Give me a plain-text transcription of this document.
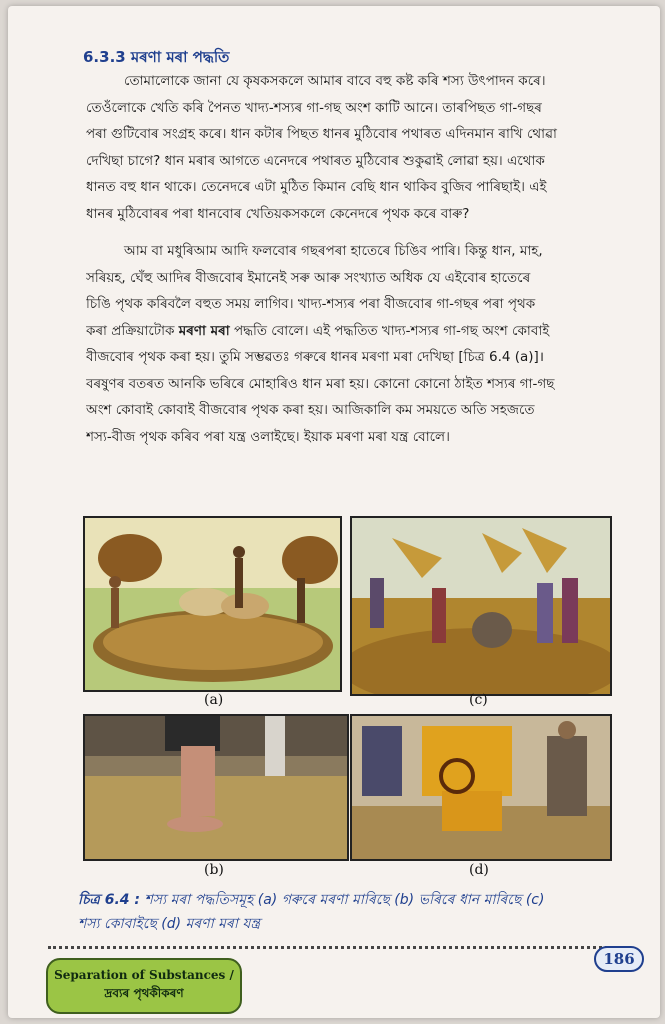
6.3.3 মৰণা মৰা পদ্ধতি
তোমালোকে জানা যে কৃষকসকলে আমাৰ বাবে বহু কষ্ট কৰি শস্য উৎপাদন কৰে।
তেওঁলোকে খেতি কৰি পৈনত খাদ্য-শস্যৰ গা-গছ অংশ কাটি আনে। তাৰপিছত গা-গছৰ
পৰা গুটিবোৰ সংগ্ৰহ কৰে। ধান কটাৰ পিছত ধানৰ মুঠিবোৰ পথাৰত এদিনমান ৰাখি থোৱা
দেখিছা চাগে? ধান মৰাৰ আগতে এনেদৰে পথাৰত মুঠিবোৰ শুকুৱাই লোৱা হয়। এথোক
ধানত বহু ধান থাকে। তেনেদৰে এটা মুঠিত কিমান বেছি ধান থাকিব বুজিব পাৰিছাই। এই
ধানৰ মুঠিবোৰৰ পৰা ধানবোৰ খেতিয়কসকলে কেনেদৰে পৃথক কৰে বাৰু?
আম বা মধুৰিআম আদি ফলবোৰ গছৰপৰা হাতেৰে চিঙিব পাৰি। কিন্তু ধান, মাহ,
সৰিয়হ, ঘেঁহু আদিৰ বীজবোৰ ইমানেই সৰু আৰু সংখ্যাত অধিক যে এইবোৰ হাতেৰে
চিঙি পৃথক কৰিবলৈ বহুত সময় লাগিব। খাদ্য-শস্যৰ পৰা বীজবোৰ গা-গছৰ পৰা পৃথক
কৰা প্ৰক্ৰিয়াটোক মৰণা মৰা পদ্ধতি বোলে। এই পদ্ধতিত খাদ্য-শস্যৰ গা-গছ অংশ কোবাই
বীজবোৰ পৃথক কৰা হয়। তুমি সম্ভৱতঃ গৰুৰে ধানৰ মৰণা মৰা দেখিছা [চিত্ৰ 6.4 (a)]।
বৰষুণৰ বতৰত আনকি ভৰিৰে মোহাৰিও ধান মৰা হয়। কোনো কোনো ঠাইত শস্যৰ গা-গছ
অংশ কোবাই কোবাই বীজবোৰ পৃথক কৰা হয়। আজিকালি কম সময়তে অতি সহজতে
শস্য-বীজ পৃথক কৰিব পৰা যন্ত্ৰ ওলাইছে। ইয়াক মৰণা মৰা যন্ত্ৰ বোলে।
(a)	(c)
(b)	(d)
চিত্ৰ 6.4 : শস্য মৰা পদ্ধতিসমূহ (a) গৰুৰে মৰণা মাৰিছে (b) ভৰিৰে ধান মাৰিছে (c)
শস্য কোবাইছে (d) মৰণা মৰা যন্ত্ৰ
Separation of Substances /
দ্ৰব্যৰ পৃথকীকৰণ
186
